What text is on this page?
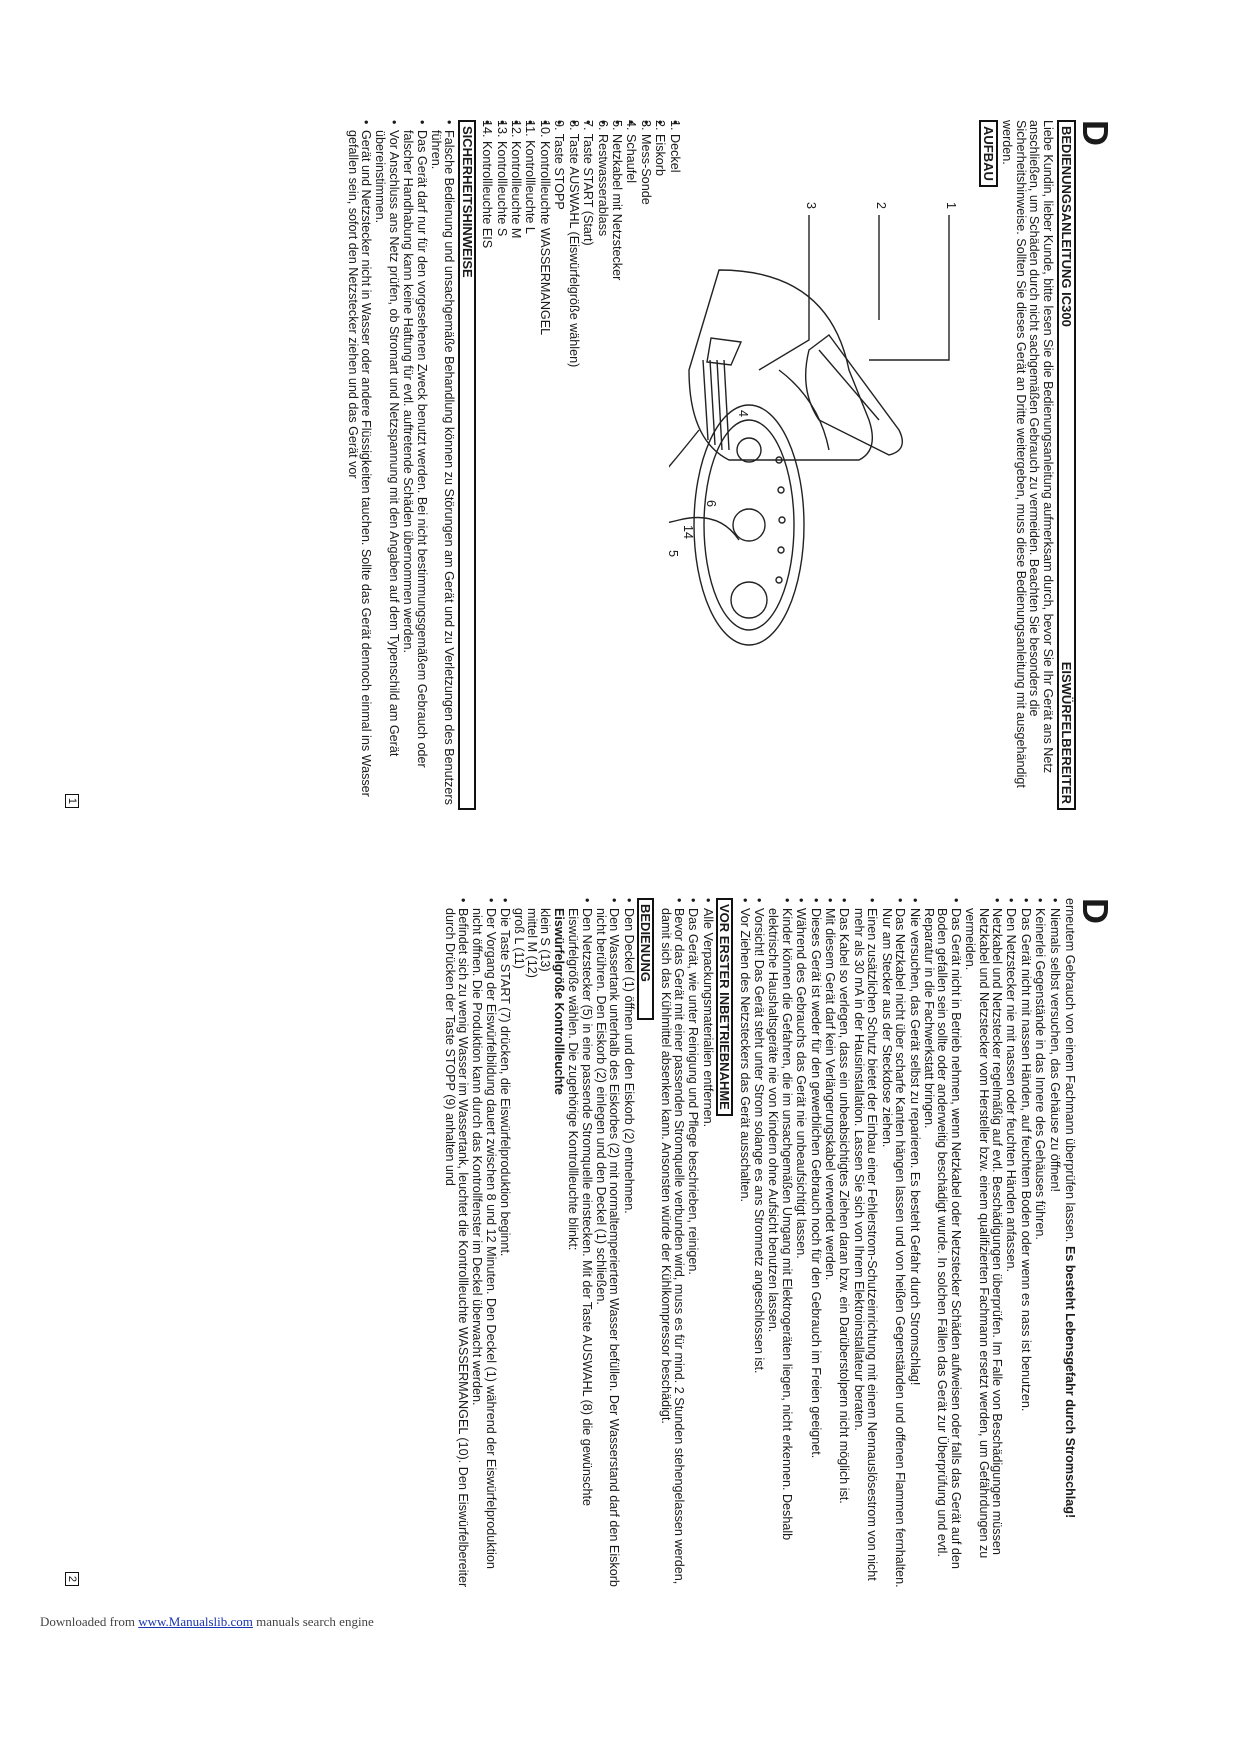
D
BEDIENUNGSANLEITUNG IC300
EISWÜRFELBEREITER

Liebe Kundin, lieber Kunde, bitte lesen Sie die Bedienungsanleitung aufmerksam durch, bevor Sie Ihr Gerät ans Netz anschließen, um Schäden durch nicht sachgemäßen Gebrauch zu vermeiden. Beachten Sie besonders die Sicherheitshinweise. Sollten Sie dieses Gerät an Dritte weitergeben, muss diese Bedienungsanleitung mit ausgehändigt werden.

AUFBAU
1
2
3
4
5
6
14
• 1. Deckel
• 2. Eiskorb
• 3. Mess-Sonde
• 4. Schaufel
• 5. Netzkabel mit Netzstecker
• 6. Restwasserablass
• 7. Taste START (Start)
• 8. Taste AUSWAHL (Eiswürfelgröße wählen)
• 9. Taste STOPP
• 10. Kontrollleuchte WASSERMANGEL
• 11. Kontrollleuchte L
• 12. Kontrollleuchte M
• 13. Kontrollleuchte S
• 14. Kontrollleuchte EIS
SICHERHEITSHINWEISE
• Falsche Bedienung und unsachgemäße Behandlung können zu Störungen am Gerät und zu Verletzungen des Benutzers führen.
• Das Gerät darf nur für den vorgesehenen Zweck benutzt werden. Bei nicht bestimmungsgemäßem Gebrauch oder falscher Handhabung kann keine Haftung für evtl. auftretende Schäden übernommen werden.
• Vor Anschluss ans Netz prüfen, ob Stromart und Netzspannung mit den Angaben auf dem Typenschild am Gerät übereinstimmen.
• Gerät und Netzstecker nicht in Wasser oder andere Flüssigkeiten tauchen. Sollte das Gerät dennoch einmal ins Wasser gefallen sein, sofort den Netzstecker ziehen und das Gerät vor
1
D

erneutem Gebrauch von einem Fachmann überprüfen lassen. Es besteht Lebensgefahr durch Stromschlag!

• Niemals selbst versuchen, das Gehäuse zu öffnen!
• Keinerlei Gegenstände in das Innere des Gehäuses führen.
• Das Gerät nicht mit nassen Händen, auf feuchtem Boden oder wenn es nass ist benutzen.
• Den Netzstecker nie mit nassen oder feuchten Händen anfassen.
• Netzkabel und Netzstecker regelmäßig auf evtl. Beschädigungen überprüfen. Im Falle von Beschädigungen müssen Netzkabel und Netzstecker vom Hersteller bzw. einem qualifizierten Fachmann ersetzt werden, um Gefährdungen zu vermeiden.
• Das Gerät nicht in Betrieb nehmen, wenn Netzkabel oder Netzstecker Schäden aufweisen oder falls das Gerät auf den Boden gefallen sein sollte oder anderweitig beschädigt wurde. In solchen Fällen das Gerät zur Überprüfung und evtl. Reparatur in die Fachwerkstatt bringen.
• Nie versuchen, das Gerät selbst zu reparieren. Es besteht Gefahr durch Stromschlag!
• Das Netzkabel nicht über scharfe Kanten hängen lassen und von heißen Gegenständen und offenen Flammen fernhalten. Nur am Stecker aus der Steckdose ziehen.
• Einen zusätzlichen Schutz bietet der Einbau einer Fehlerstrom-Schutzeinrichtung mit einem Nennauslösestrom von nicht mehr als 30 mA in der Hausinstallation. Lassen Sie sich von Ihrem Elektroinstallateur beraten.
• Das Kabel so verlegen, dass ein unbeabsichtigtes Ziehen daran bzw. ein Darüberstolpern nicht möglich ist.
• Mit diesem Gerät darf kein Verlängerungskabel verwendet werden.
• Dieses Gerät ist weder für den gewerblichen Gebrauch noch für den Gebrauch im Freien geeignet.
• Während des Gebrauchs das Gerät nie unbeaufsichtigt lassen.
• Kinder können die Gefahren, die im unsachgemäßen Umgang mit Elektrogeräten liegen, nicht erkennen. Deshalb elektrische Haushaltsgeräte nie von Kindern ohne Aufsicht benutzen lassen.
• Vorsicht! Das Gerät steht unter Strom solange es ans Stromnetz angeschlossen ist.
• Vor Ziehen des Netzsteckers das Gerät ausschalten.
VOR ERSTER INBETRIEBNAHME
• Alle Verpackungsmaterialien entfernen.
• Das Gerät, wie unter Reinigung und Pflege beschrieben, reinigen.
• Bevor das Gerät mit einer passenden Stromquelle verbunden wird, muss es für mind. 2 Stunden stehengelassen werden, damit sich das Kühlmittel absenken kann. Ansonsten würde der Kühlkompressor beschädigt.
BEDIENUNG
• Den Deckel (1) öffnen und den Eiskorb (2) entnehmen.
• Den Wassertank unterhalb des Eiskorbes (2) mit normaltemperiertem Wasser befüllen. Der Wasserstand darf den Eiskorb nicht berühren. Den Eiskorb (2) einlegen und den Deckel (1) schließen.
• Den Netzstecker (5) in eine passende Stromquelle einstecken. Mit der Taste AUSWAHL (8) die gewünschte Eiswürfelgröße wählen. Die zugehörige Kontrollleuchte blinkt:
Eiswürfelgröße Kontrollleuchte
klein S (13)
mittel M (12)
groß L (11)
• Die Taste START (7) drücken, die Eiswürfelproduktion beginnt.
• Der Vorgang der Eiswürfelbildung dauert zwischen 8 und 12 Minuten. Den Deckel (1) während der Eiswürfelproduktion nicht öffnen. Die Produktion kann durch das Kontrollfenster im Deckel überwacht werden.
• Befindet sich zu wenig Wasser im Wassertank, leuchtet die Kontrollleuchte WASSERMANGEL (10). Den Eiswürfelbereiter durch Drücken der Taste STOPP (9) anhalten und
2
Downloaded from www.Manualslib.com manuals search engine
